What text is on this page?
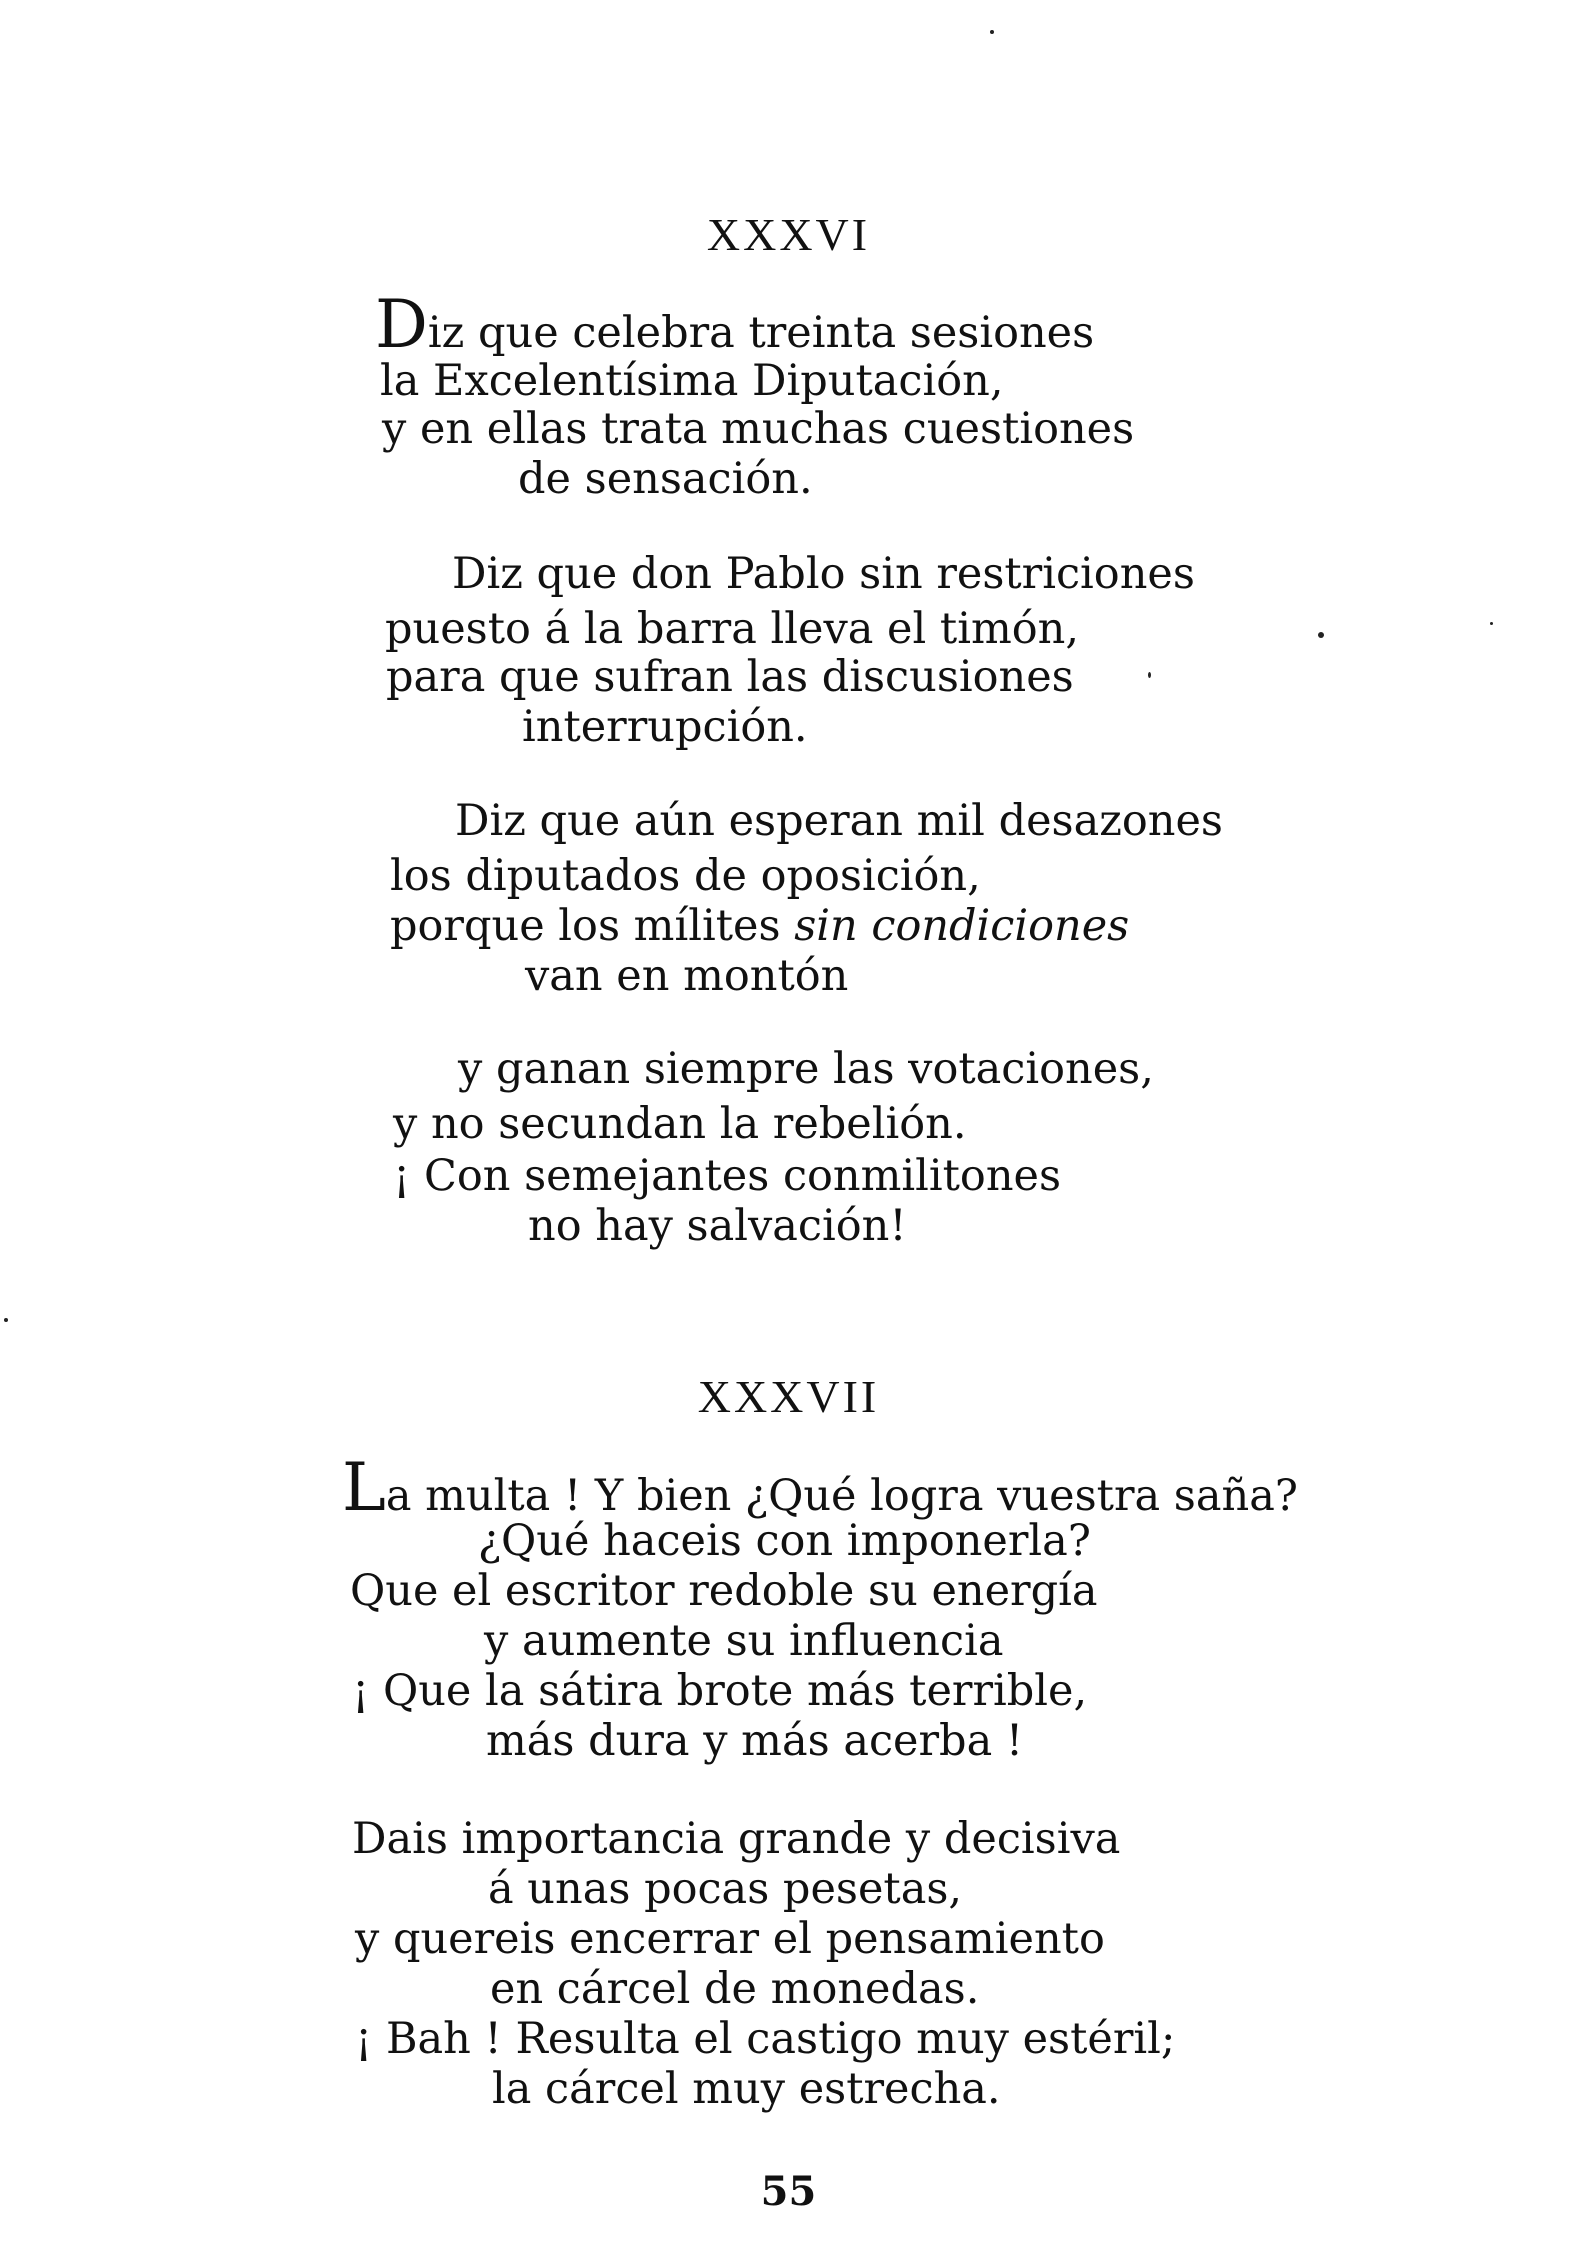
XXXVI
Diz que celebra treinta sesiones
la Excelentísima Diputación,
y en ellas trata muchas cuestiones
de sensación.
Diz que don Pablo sin restriciones
puesto á la barra lleva el timón,
para que sufran las discusiones
interrupción.
Diz que aún esperan mil desazones
los diputados de oposición,
porque los mílites sin condiciones
van en montón
y ganan siempre las votaciones,
y no secundan la rebelión.
¡ Con semejantes conmilitones
no hay salvación!
XXXVII
La multa ! Y bien ¿Qué logra vuestra saña?
¿Qué haceis con imponerla?
Que el escritor redoble su energía
y aumente su influencia
¡ Que la sátira brote más terrible,
más dura y más acerba !
Dais importancia grande y decisiva
á unas pocas pesetas,
y quereis encerrar el pensamiento
en cárcel de monedas.
¡ Bah ! Resulta el castigo muy estéril;
la cárcel muy estrecha.
55
